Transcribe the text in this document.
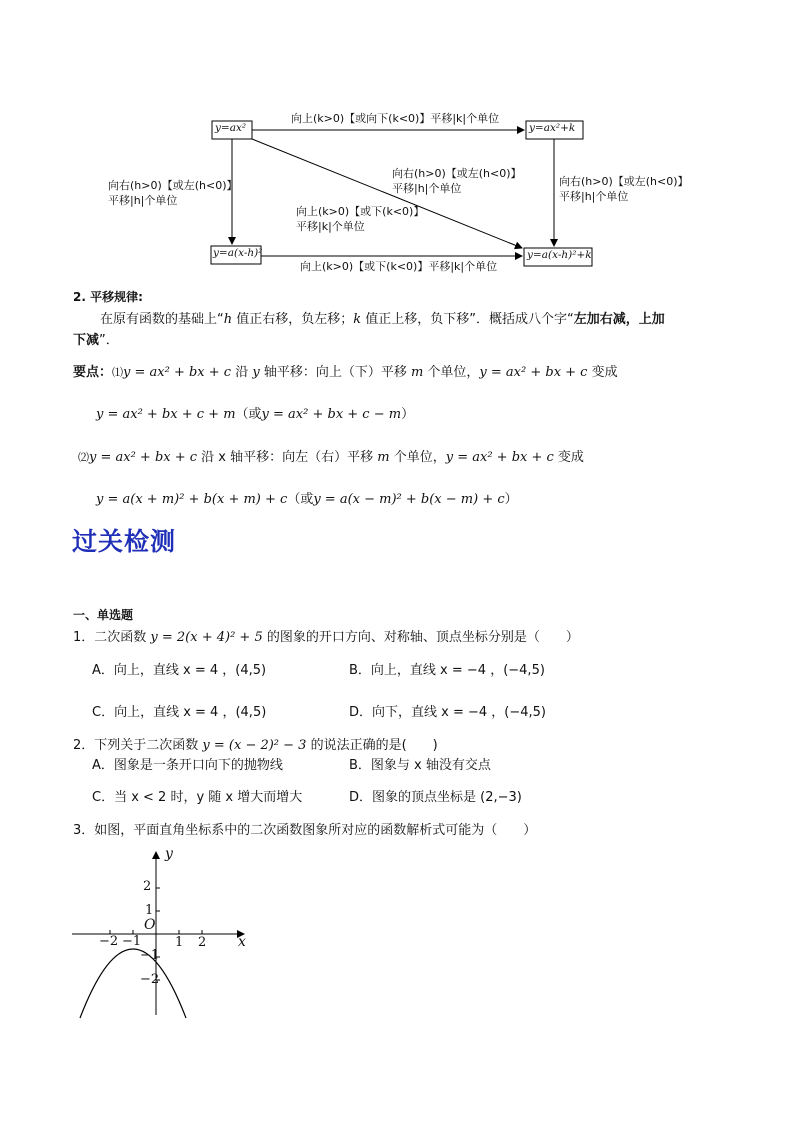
y=ax²	y=ax²+k
y=a(x-h)²	y=a(x-h)²+k
向上(k>0)【或向下(k<0)】平移|k|个单位
向右(h>0)【或左(h<0)】
平移|h|个单位
向右(h>0)【或左(h<0)】
平移|h|个单位
向上(k>0)【或下(k<0)】
平移|k|个单位
向右(h>0)【或左(h<0)】
平移|h|个单位
向上(k>0)【或下(k<0)】平移|k|个单位
2. 平移规律:
在原有函数的基础上“h 值正右移，负左移；k 值正上移，负下移”．概括成八个字“左加右减，上加
下减”．
要点：⑴y = ax² + bx + c 沿 y 轴平移：向上（下）平移 m 个单位，y = ax² + bx + c 变成
y = ax² + bx + c + m（或y = ax² + bx + c − m）
⑵y = ax² + bx + c 沿 x 轴平移：向左（右）平移 m 个单位，y = ax² + bx + c 变成
y = a(x + m)² + b(x + m) + c（或y = a(x − m)² + b(x − m) + c）
过关检测
一、单选题
1．二次函数 y = 2(x + 4)² + 5 的图象的开口方向、对称轴、顶点坐标分别是（　　）
A．向上，直线 x = 4 ，(4,5)	B．向上，直线 x = −4 ，(−4,5)
C．向上，直线 x = 4 ，(4,5)	D．向下，直线 x = −4 ，(−4,5)
2．下列关于二次函数 y = (x − 2)² − 3 的说法正确的是(　　)
A．图象是一条开口向下的抛物线	B．图象与 x 轴没有交点
C．当 x < 2 时，y 随 x 增大而增大	D．图象的顶点坐标是 (2,−3)
3．如图，平面直角坐标系中的二次函数图象所对应的函数解析式可能为（　　）
y
x
O
2
1
−1
−2
−2 −1	1 2
